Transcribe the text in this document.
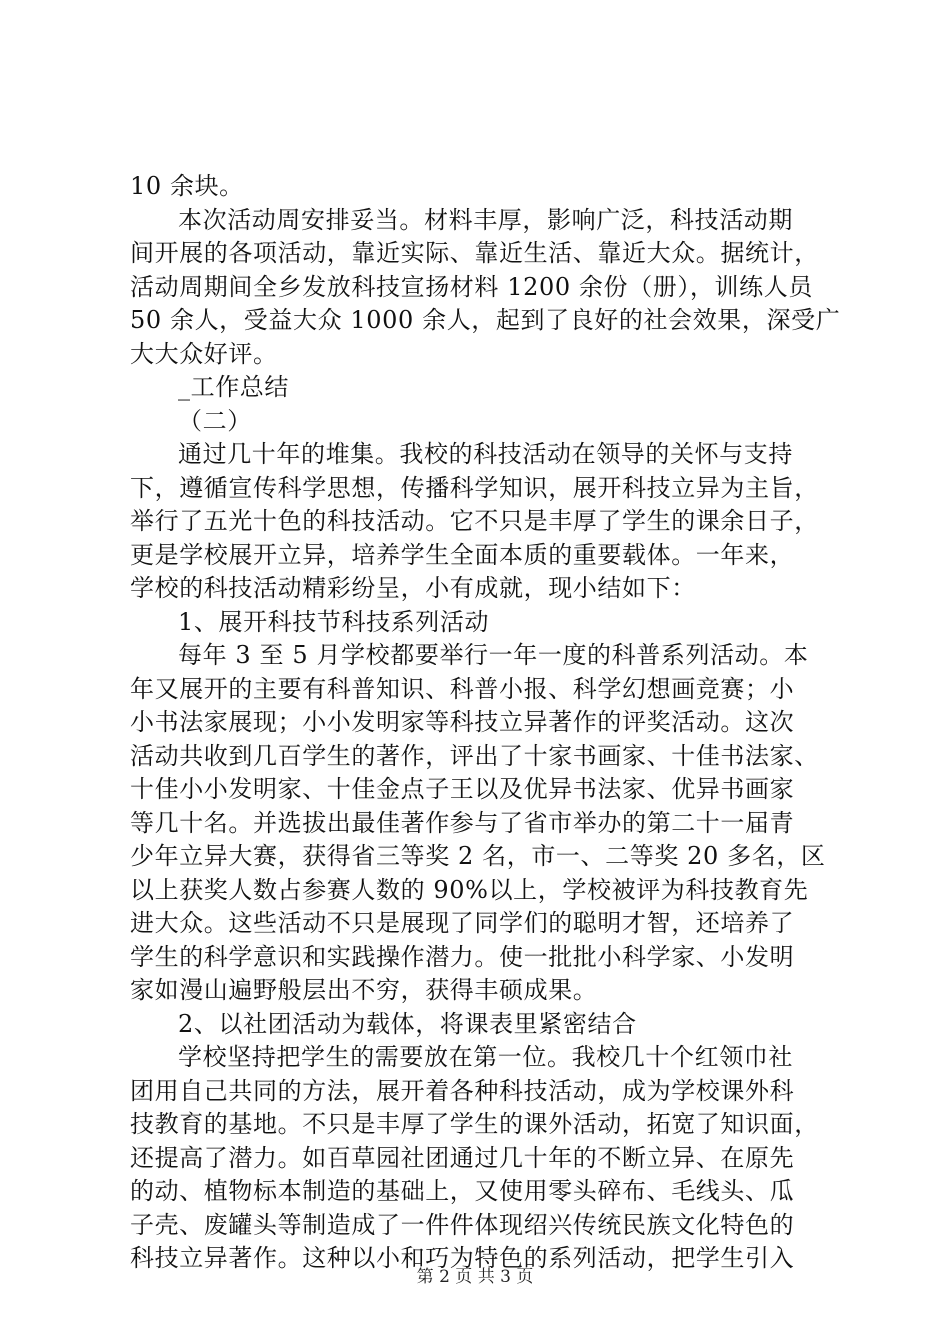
10 余块。
本次活动周安排妥当。材料丰厚，影响广泛，科技活动期
间开展的各项活动，靠近实际、靠近生活、靠近大众。据统计，
活动周期间全乡发放科技宣扬材料 1200 余份（册），训练人员
50 余人，受益大众 1000 余人，起到了良好的社会效果，深受广
大大众好评。
_工作总结
（二）
通过几十年的堆集。我校的科技活动在领导的关怀与支持
下，遵循宣传科学思想，传播科学知识，展开科技立异为主旨，
举行了五光十色的科技活动。它不只是丰厚了学生的课余日子，
更是学校展开立异，培养学生全面本质的重要载体。一年来，
学校的科技活动精彩纷呈，小有成就，现小结如下：
1、展开科技节科技系列活动
每年 3 至 5 月学校都要举行一年一度的科普系列活动。本
年又展开的主要有科普知识、科普小报、科学幻想画竞赛；小
小书法家展现；小小发明家等科技立异著作的评奖活动。这次
活动共收到几百学生的著作，评出了十家书画家、十佳书法家、
十佳小小发明家、十佳金点子王以及优异书法家、优异书画家
等几十名。并选拔出最佳著作参与了省市举办的第二十一届青
少年立异大赛，获得省三等奖 2 名，市一、二等奖 20 多名，区
以上获奖人数占参赛人数的 90%以上，学校被评为科技教育先
进大众。这些活动不只是展现了同学们的聪明才智，还培养了
学生的科学意识和实践操作潜力。使一批批小科学家、小发明
家如漫山遍野般层出不穷，获得丰硕成果。
2、以社团活动为载体，将课表里紧密结合
学校坚持把学生的需要放在第一位。我校几十个红领巾社
团用自己共同的方法，展开着各种科技活动，成为学校课外科
技教育的基地。不只是丰厚了学生的课外活动，拓宽了知识面，
还提高了潜力。如百草园社团通过几十年的不断立异、在原先
的动、植物标本制造的基础上，又使用零头碎布、毛线头、瓜
子壳、废罐头等制造成了一件件体现绍兴传统民族文化特色的
科技立异著作。这种以小和巧为特色的系列活动，把学生引入
第 2 页 共 3 页
